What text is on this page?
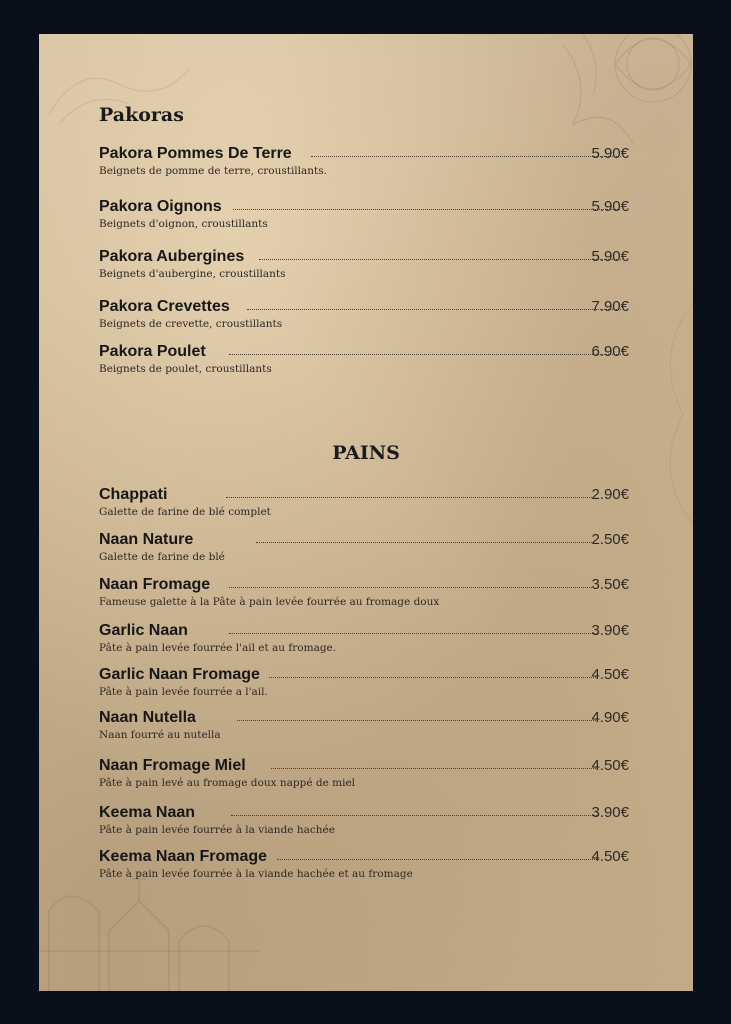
Pakoras
Pakora Pommes De Terre	5.90€
Beignets de pomme de terre, croustillants.
Pakora Oignons	5.90€
Beignets d'oignon, croustillants
Pakora Aubergines	5.90€
Beignets d'aubergine, croustillants
Pakora Crevettes	7.90€
Beignets de crevette, croustillants
Pakora Poulet	6.90€
Beignets de poulet, croustillants
PAINS
Chappati	2.90€
Galette de farine de blé complet
Naan Nature	2.50€
Galette de farine de blé
Naan Fromage	3.50€
Fameuse galette à la Pâte à pain levée fourrée au fromage doux
Garlic Naan	3.90€
Pâte à pain levée fourrée l'ail et au fromage.
Garlic Naan Fromage	4.50€
Pâte à pain levée fourrée a l'ail.
Naan Nutella	4.90€
Naan fourré au nutella
Naan Fromage Miel	4.50€
Pâte à pain levé au fromage doux nappé de miel
Keema Naan	3.90€
Pâte à pain levée fourrée à la viande hachée
Keema Naan Fromage	4.50€
Pâte à pain levée fourrée à la viande hachée et au fromage
